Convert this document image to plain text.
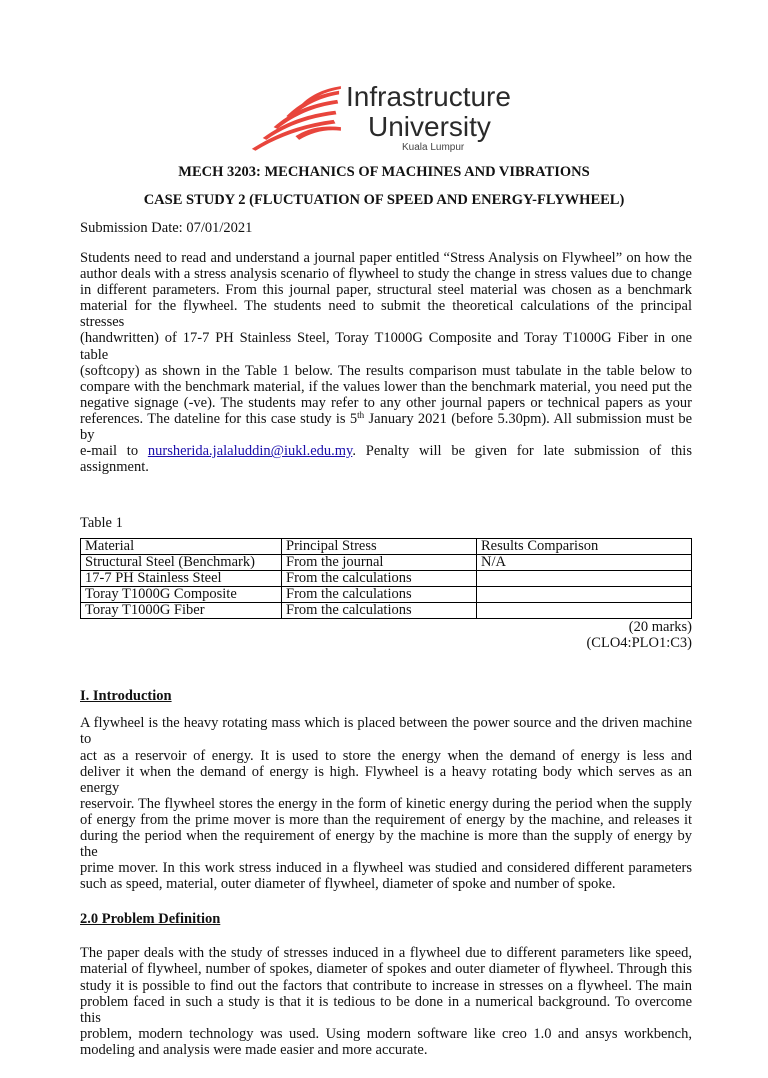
Infrastructure
University
Kuala Lumpur
MECH 3203: MECHANICS OF MACHINES AND VIBRATIONS
CASE STUDY 2 (FLUCTUATION OF SPEED AND ENERGY-FLYWHEEL)
Submission Date: 07/01/2021
Students need to read and understand a journal paper entitled “Stress Analysis on Flywheel” on how the
author deals with a stress analysis scenario of flywheel to study the change in stress values due to change
in different parameters. From this journal paper, structural steel material was chosen as a benchmark
material for the flywheel. The students need to submit the theoretical calculations of the principal stresses
(handwritten) of 17-7 PH Stainless Steel, Toray T1000G Composite and Toray T1000G Fiber in one table
(softcopy) as shown in the Table 1 below. The results comparison must tabulate in the table below to
compare with the benchmark material, if the values lower than the benchmark material, you need put the
negative signage (-ve). The students may refer to any other journal papers or technical papers as your
references. The dateline for this case study is 5th January 2021 (before 5.30pm). All submission must be by
e-mail to nursherida.jalaluddin@iukl.edu.my. Penalty will be given for late submission of this assignment.
Table 1
Material	Principal Stress	Results Comparison
Structural Steel (Benchmark)	From the journal	N/A
17-7 PH Stainless Steel	From the calculations	
Toray T1000G Composite	From the calculations	
Toray T1000G Fiber	From the calculations	
(20 marks)
(CLO4:PLO1:C3)
I. Introduction
A flywheel is the heavy rotating mass which is placed between the power source and the driven machine to
act as a reservoir of energy. It is used to store the energy when the demand of energy is less and
deliver it when the demand of energy is high. Flywheel is a heavy rotating body which serves as an energy
reservoir. The flywheel stores the energy in the form of kinetic energy during the period when the supply
of energy from the prime mover is more than the requirement of energy by the machine, and releases it
during the period when the requirement of energy by the machine is more than the supply of energy by the
prime mover. In this work stress induced in a flywheel was studied and considered different parameters
such as speed, material, outer diameter of flywheel, diameter of spoke and number of spoke.
2.0 Problem Definition
The paper deals with the study of stresses induced in a flywheel due to different parameters like speed,
material of flywheel, number of spokes, diameter of spokes and outer diameter of flywheel. Through this
study it is possible to find out the factors that contribute to increase in stresses on a flywheel. The main
problem faced in such a study is that it is tedious to be done in a numerical background. To overcome this
problem, modern technology was used. Using modern software like creo 1.0 and ansys workbench,
modeling and analysis were made easier and more accurate.
